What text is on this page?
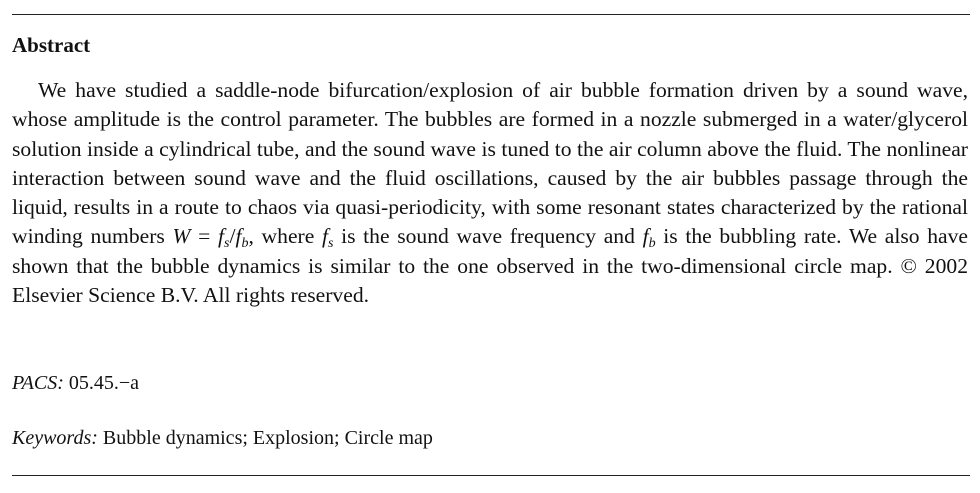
Abstract

We have studied a saddle-node bifurcation/explosion of air bubble formation driven by a sound wave, whose amplitude is the control parameter. The bubbles are formed in a nozzle submerged in a water/glycerol solution inside a cylindrical tube, and the sound wave is tuned to the air column above the fluid. The nonlinear interaction between sound wave and the fluid oscillations, caused by the air bubbles passage through the liquid, results in a route to chaos via quasi-periodicity, with some resonant states characterized by the rational winding numbers $W = f_s/f_b$, where $f_s$ is the sound wave frequency and $f_b$ is the bubbling rate. We also have shown that the bubble dynamics is similar to the one observed in the two-dimensional circle map. © 2002 Elsevier Science B.V. All rights reserved.

PACS: 05.45.−a

Keywords: Bubble dynamics; Explosion; Circle map
